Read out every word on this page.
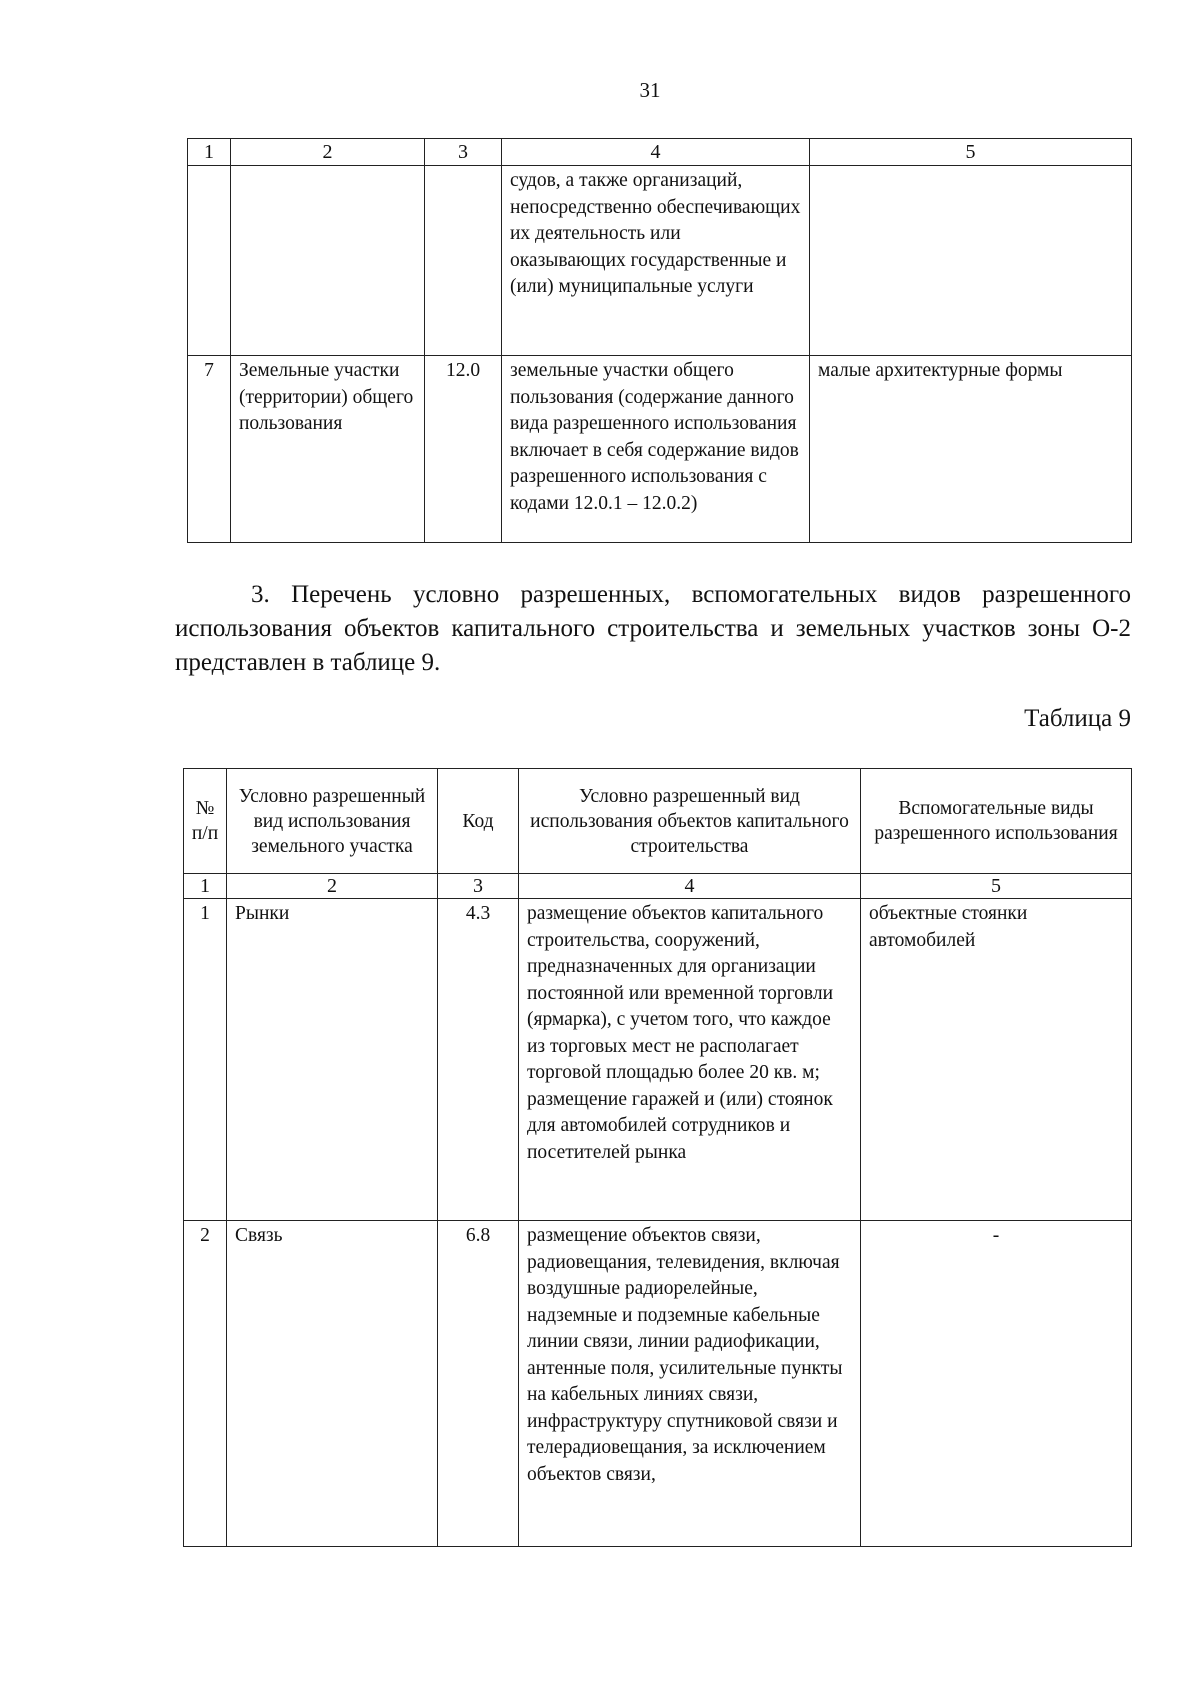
31
1	2	3	4	5
			судов, а также организаций, непосредственно обеспечивающих их деятельность или оказывающих государственные и (или) муниципальные услуги	
7	Земельные участки (территории) общего пользования	12.0	земельные участки общего пользования (содержание данного вида разрешенного использования включает в себя содержание видов разрешенного использования с кодами 12.0.1 – 12.0.2)	малые архитектурные формы
3. Перечень условно разрешенных, вспомогательных видов разрешенного использования объектов капитального строительства и земельных участков зоны О-2 представлен в таблице 9.
Таблица 9
№ п/п	Условно разрешенный вид использования земельного участка	Код	Условно разрешенный вид использования объектов капитального строительства	Вспомогательные виды разрешенного использования
1	2	3	4	5
1	Рынки	4.3	размещение объектов капитального строительства, сооружений, предназначенных для организации постоянной или временной торговли (ярмарка), с учетом того, что каждое из торговых мест не располагает торговой площадью более 20 кв. м; размещение гаражей и (или) стоянок для автомобилей сотрудников и посетителей рынка	объектные стоянки автомобилей
2	Связь	6.8	размещение объектов связи, радиовещания, телевидения, включая воздушные радиорелейные, надземные и подземные кабельные линии связи, линии радиофикации, антенные поля, усилительные пункты на кабельных линиях связи, инфраструктуру спутниковой связи и телерадиовещания, за исключением объектов связи,	-
